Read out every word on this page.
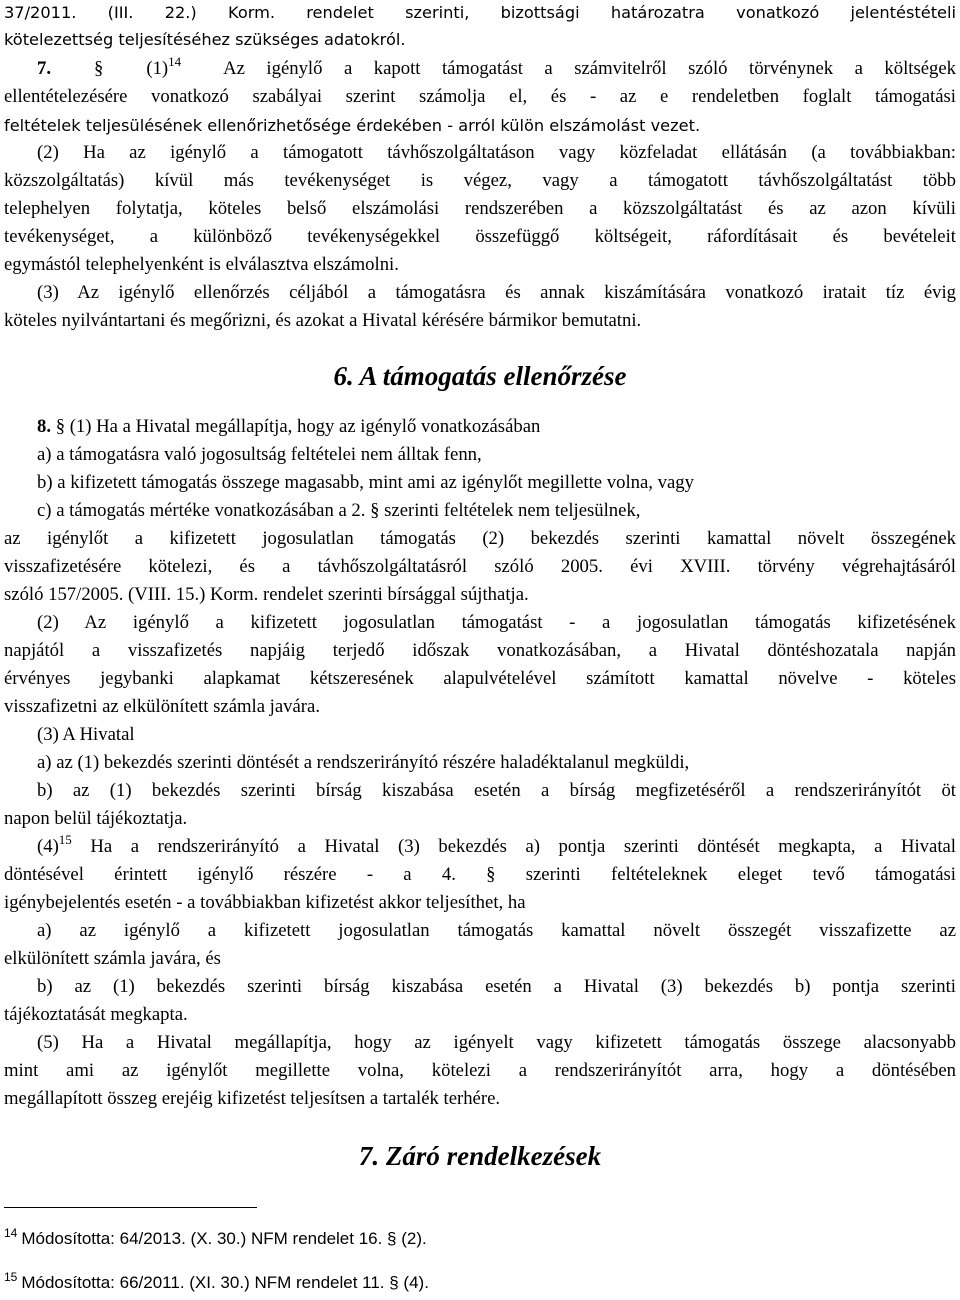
37/2011. (III. 22.) Korm. rendelet szerinti, bizottsági határozatra vonatkozó jelentéstételi
kötelezettség teljesítéséhez szükséges adatokról.
7.  §  $(1)^{14}$ Az igénylő a kapott támogatást a számvitelről szóló törvénynek a költségek
ellentételezésére vonatkozó szabályai szerint számolja el, és - az e rendeletben foglalt támogatási
feltételek teljesülésének ellenőrizhetősége érdekében - arról külön elszámolást vezet.
(2) Ha az igénylő a támogatott távhőszolgáltatáson vagy közfeladat ellátásán (a továbbiakban:
közszolgáltatás) kívül más tevékenységet is végez, vagy a támogatott távhőszolgáltatást több
telephelyen folytatja, köteles belső elszámolási rendszerében a közszolgáltatást és az azon kívüli
tevékenységet, a különböző tevékenységekkel összefüggő költségeit, ráfordításait és bevételeit
egymástól telephelyenként is elválasztva elszámolni.
(3) Az igénylő ellenőrzés céljából a támogatásra és annak kiszámítására vonatkozó iratait tíz évig
köteles nyilvántartani és megőrizni, és azokat a Hivatal kérésére bármikor bemutatni.
6. A támogatás ellenőrzése
8. § (1) Ha a Hivatal megállapítja, hogy az igénylő vonatkozásában
a) a támogatásra való jogosultság feltételei nem álltak fenn,
b) a kifizetett támogatás összege magasabb, mint ami az igénylőt megillette volna, vagy
c) a támogatás mértéke vonatkozásában a 2. § szerinti feltételek nem teljesülnek,
az igénylőt a kifizetett jogosulatlan támogatás (2) bekezdés szerinti kamattal növelt összegének
visszafizetésére kötelezi, és a távhőszolgáltatásról szóló 2005. évi XVIII. törvény végrehajtásáról
szóló 157/2005. (VIII. 15.) Korm. rendelet szerinti bírsággal sújthatja.
(2) Az igénylő a kifizetett jogosulatlan támogatást - a jogosulatlan támogatás kifizetésének
napjától a visszafizetés napjáig terjedő időszak vonatkozásában, a Hivatal döntéshozatala napján
érvényes jegybanki alapkamat kétszeresének alapulvételével számított kamattal növelve - köteles
visszafizetni az elkülönített számla javára.
(3) A Hivatal
a) az (1) bekezdés szerinti döntését a rendszerirányító részére haladéktalanul megküldi,
b) az (1) bekezdés szerinti bírság kiszabása esetén a bírság megfizetéséről a rendszerirányítót öt
napon belül tájékoztatja.
$(4)^{15}$ Ha a rendszerirányító a Hivatal (3) bekezdés a) pontja szerinti döntését megkapta, a Hivatal
döntésével érintett igénylő részére - a 4. § szerinti feltételeknek eleget tevő támogatási
igénybejelentés esetén - a továbbiakban kifizetést akkor teljesíthet, ha
a) az igénylő a kifizetett jogosulatlan támogatás kamattal növelt összegét visszafizette az
elkülönített számla javára, és
b) az (1) bekezdés szerinti bírság kiszabása esetén a Hivatal (3) bekezdés b) pontja szerinti
tájékoztatását megkapta.
(5) Ha a Hivatal megállapítja, hogy az igényelt vagy kifizetett támogatás összege alacsonyabb
mint ami az igénylőt megillette volna, kötelezi a rendszerirányítót arra, hogy a döntésében
megállapított összeg erejéig kifizetést teljesítsen a tartalék terhére.
7. Záró rendelkezések
$^{14}$ Módosította: 64/2013. (X. 30.) NFM rendelet 16. § (2).
$^{15}$ Módosította: 66/2011. (XI. 30.) NFM rendelet 11. § (4).
